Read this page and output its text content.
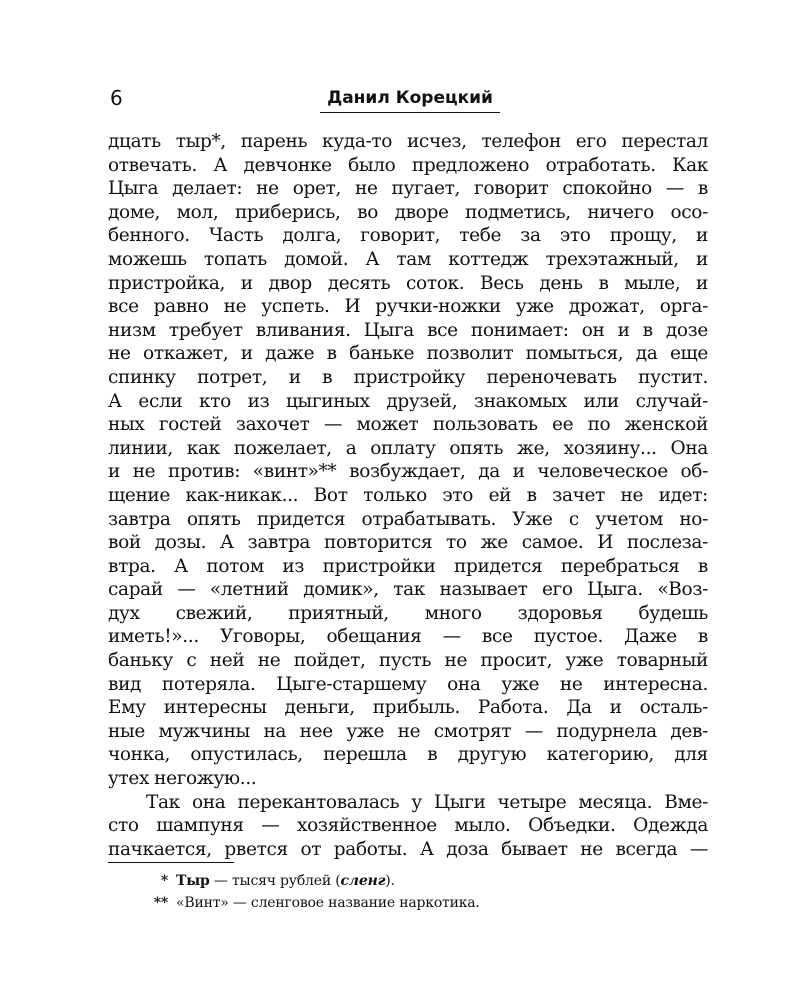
6	Данил Корецкий
дцать тыр*, парень куда-то исчез, телефон его перестал
отвечать. А девчонке было предложено отработать. Как
Цыга делает: не орет, не пугает, говорит спокойно — в
доме, мол, приберись, во дворе подметись, ничего осо-
бенного. Часть долга, говорит, тебе за это прощу, и
можешь топать домой. А там коттедж трехэтажный, и
пристройка, и двор десять соток. Весь день в мыле, и
все равно не успеть. И ручки-ножки уже дрожат, орга-
низм требует вливания. Цыга все понимает: он и в дозе
не откажет, и даже в баньке позволит помыться, да еще
спинку потрет, и в пристройку переночевать пустит.
А если кто из цыгиных друзей, знакомых или случай-
ных гостей захочет — может пользовать ее по женской
линии, как пожелает, а оплату опять же, хозяину... Она
и не против: «винт»** возбуждает, да и человеческое об-
щение как-никак... Вот только это ей в зачет не идет:
завтра опять придется отрабатывать. Уже с учетом но-
вой дозы. А завтра повторится то же самое. И послеза-
втра. А потом из пристройки придется перебраться в
сарай — «летний домик», так называет его Цыга. «Воз-
дух свежий, приятный, много здоровья будешь
иметь!»... Уговоры, обещания — все пустое. Даже в
баньку с ней не пойдет, пусть не просит, уже товарный
вид потеряла. Цыге-старшему она уже не интересна.
Ему интересны деньги, прибыль. Работа. Да и осталь-
ные мужчины на нее уже не смотрят — подурнела дев-
чонка, опустилась, перешла в другую категорию, для
утех негожую...
Так она перекантовалась у Цыги четыре месяца. Вме-
сто шампуня — хозяйственное мыло. Объедки. Одежда
пачкается, рвется от работы. А доза бывает не всегда —
* Тыр — тысяч рублей (сленг).
** «Винт» — сленговое название наркотика.
